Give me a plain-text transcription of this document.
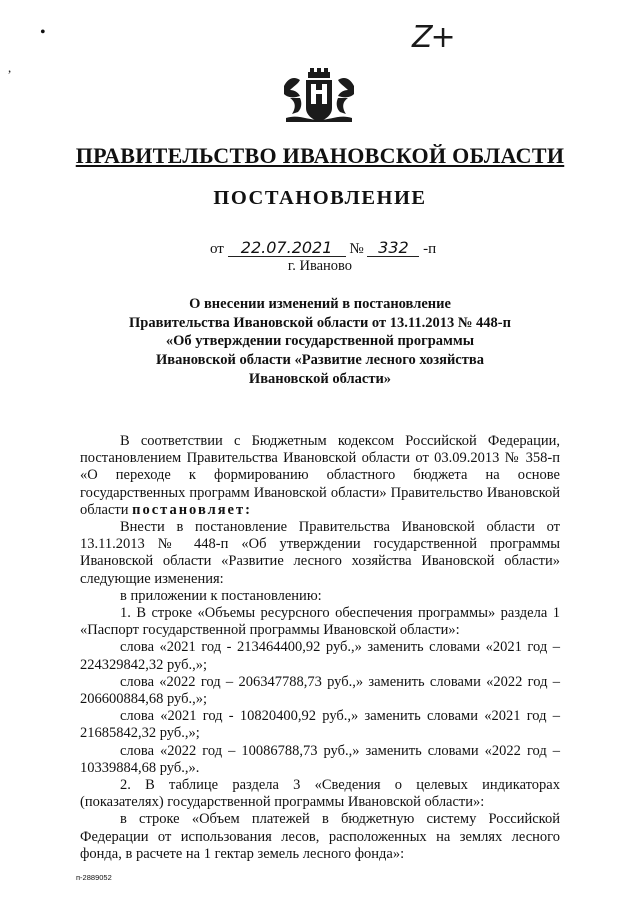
Z+
•
,
ПРАВИТЕЛЬСТВО ИВАНОВСКОЙ ОБЛАСТИ
ПОСТАНОВЛЕНИЕ
от 22.07.2021 № 332 -п
г. Иваново
О внесении изменений в постановление
Правительства Ивановской области от 13.11.2013 № 448-п
«Об утверждении государственной программы
Ивановской области «Развитие лесного хозяйства
Ивановской области»

В соответствии с Бюджетным кодексом Российской Федерации, постановлением Правительства Ивановской области от 03.09.2013 № 358-п «О переходе к формированию областного бюджета на основе государственных программ Ивановской области» Правительство Ивановской области постановляет:

Внести в постановление Правительства Ивановской области от 13.11.2013 № 448-п «Об утверждении государственной программы Ивановской области «Развитие лесного хозяйства Ивановской области» следующие изменения:

в приложении к постановлению:

1. В строке «Объемы ресурсного обеспечения программы» раздела 1 «Паспорт государственной программы Ивановской области»:

слова «2021 год - 213464400,92 руб.,» заменить словами «2021 год – 224329842,32 руб.,»;

слова «2022 год – 206347788,73 руб.,» заменить словами «2022 год – 206600884,68 руб.,»;

слова «2021 год - 10820400,92 руб.,» заменить словами «2021 год – 21685842,32 руб.,»;

слова «2022 год – 10086788,73 руб.,» заменить словами «2022 год – 10339884,68 руб.,».

2. В таблице раздела 3 «Сведения о целевых индикаторах (показателях) государственной программы Ивановской области»:

в строке «Объем платежей в бюджетную систему Российской Федерации от использования лесов, расположенных на землях лесного фонда, в расчете на 1 гектар земель лесного фонда»:

п-2889052
